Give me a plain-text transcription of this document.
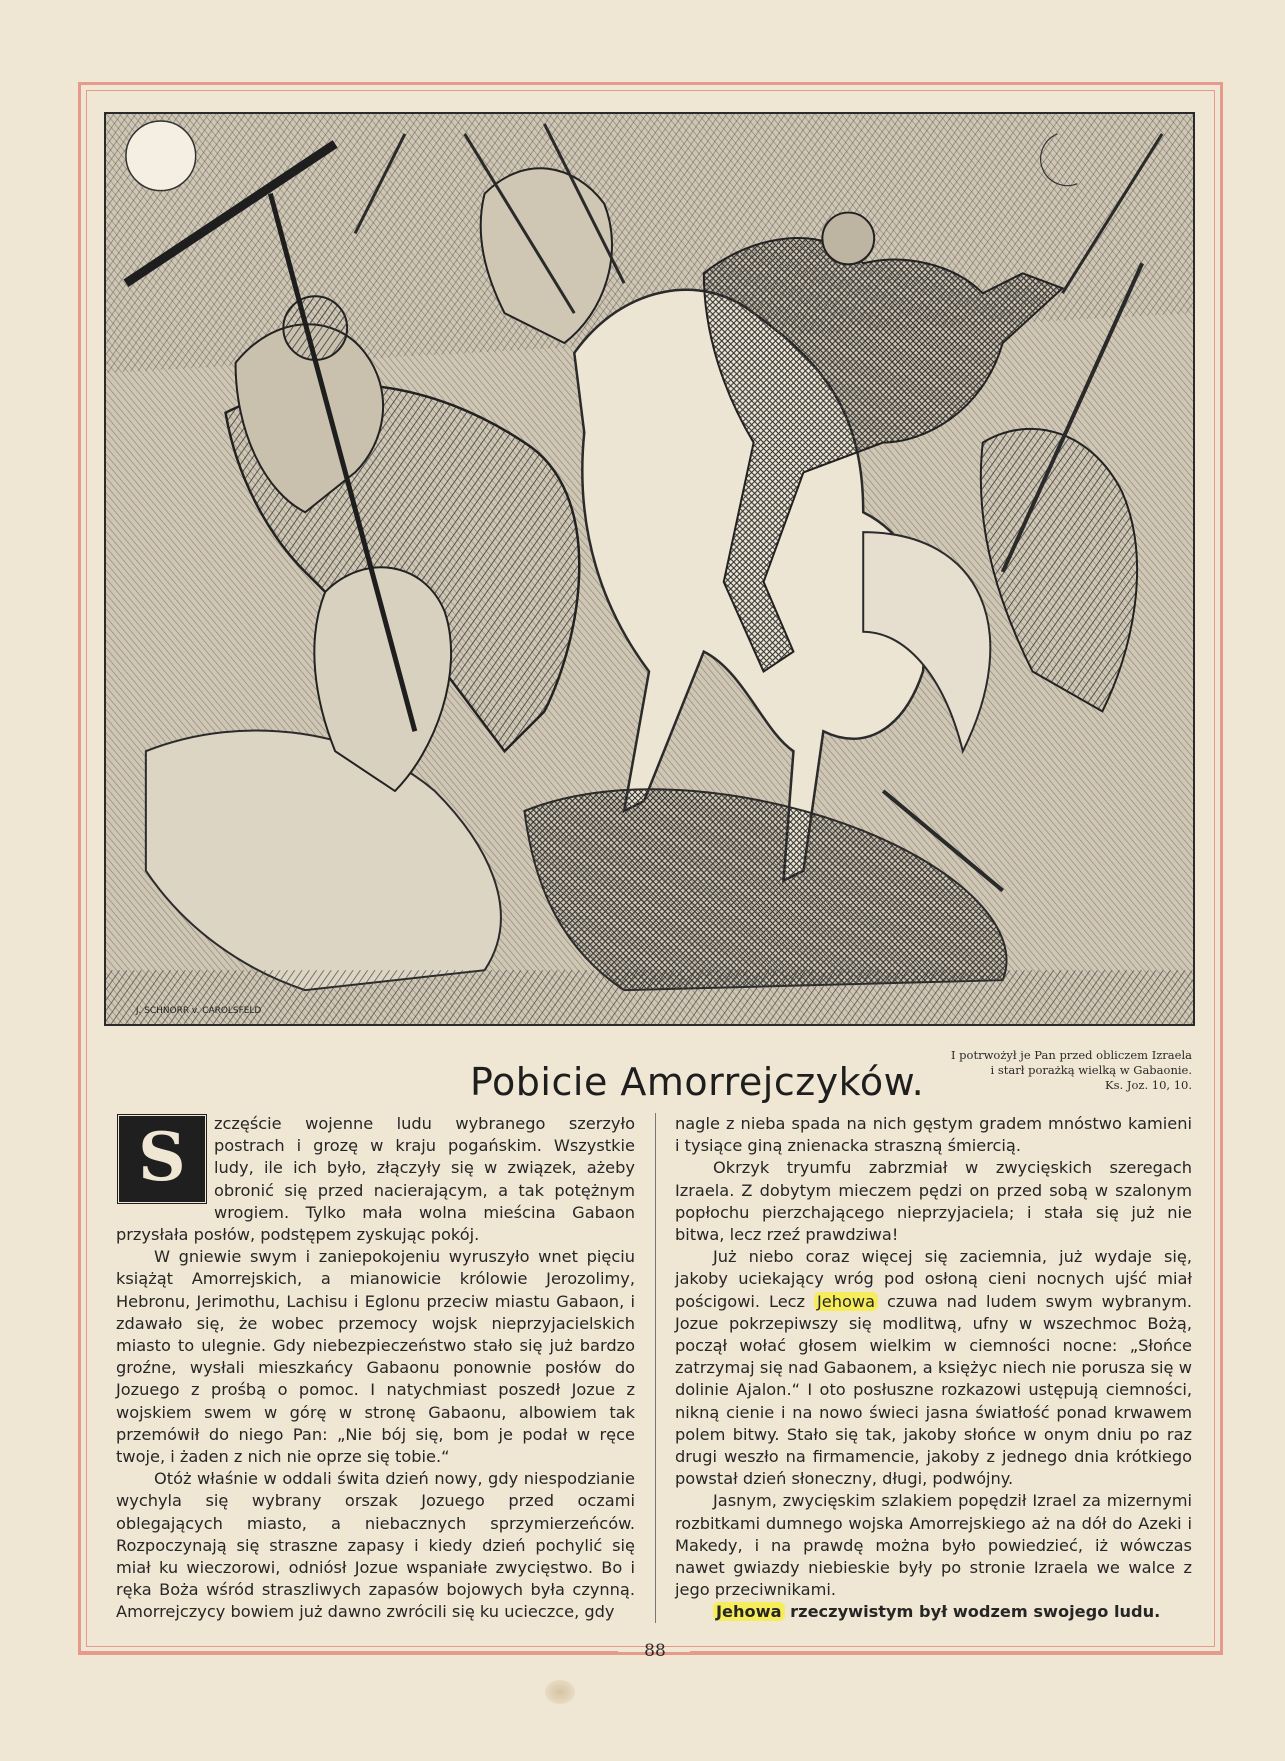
J. SCHNORR v. CAROLSFELD
Pobicie Amorrejczyków.
I potrwożył je Pan przed obliczem Izraela
i starł porażką wielką w Gabaonie.
Ks. Joz. 10, 10.

S	zczęście wojenne ludu wybranego szerzyło postrach i grozę w kraju pogańskim. Wszystkie ludy, ile ich było, złączyły się w związek, ażeby obronić się przed nacierającym, a tak potężnym wrogiem. Tylko mała wolna mieścina Gabaon przysłała posłów, podstępem zyskując pokój.

W gniewie swym i zaniepokojeniu wyruszyło wnet pięciu książąt Amorrejskich, a mianowicie królowie Jerozolimy, Hebronu, Jerimothu, Lachisu i Eglonu przeciw miastu Gabaon, i zdawało się, że wobec przemocy wojsk nieprzyjacielskich miasto to ulegnie. Gdy niebezpieczeństwo stało się już bardzo groźne, wysłali mieszkańcy Gabaonu ponownie posłów do Jozuego z prośbą o pomoc. I natychmiast poszedł Jozue z wojskiem swem w górę w stronę Gabaonu, albowiem tak przemówił do niego Pan: „Nie bój się, bom je podał w ręce twoje, i żaden z nich nie oprze się tobie.“

Otóż właśnie w oddali świta dzień nowy, gdy niespodzianie wychyla się wybrany orszak Jozuego przed oczami oblegających miasto, a niebacznych sprzymierzeńców. Rozpoczynają się straszne zapasy i kiedy dzień pochylić się miał ku wieczorowi, odniósł Jozue wspaniałe zwycięstwo. Bo i ręka Boża wśród straszliwych zapasów bojowych była czynną. Amorrejczycy bowiem już dawno zwrócili się ku ucieczce, gdy

nagle z nieba spada na nich gęstym gradem mnóstwo kamieni i tysiące giną znienacka straszną śmiercią.

Okrzyk tryumfu zabrzmiał w zwycięskich szeregach Izraela. Z dobytym mieczem pędzi on przed sobą w szalonym popłochu pierzchającego nieprzyjaciela; i stała się już nie bitwa, lecz rzeź prawdziwa!

Już niebo coraz więcej się zaciemnia, już wydaje się, jakoby uciekający wróg pod osłoną cieni nocnych ujść miał pościgowi. Lecz Jehowa czuwa nad ludem swym wybranym. Jozue pokrzepiwszy się modlitwą, ufny w wszechmoc Bożą, począł wołać głosem wielkim w ciemności nocne: „Słońce zatrzymaj się nad Gabaonem, a księżyc niech nie porusza się w dolinie Ajalon.“ I oto posłuszne rozkazowi ustępują ciemności, nikną cienie i na nowo świeci jasna światłość ponad krwawem polem bitwy. Stało się tak, jakoby słońce w onym dniu po raz drugi weszło na firmamencie, jakoby z jednego dnia krótkiego powstał dzień słoneczny, długi, podwójny.

Jasnym, zwycięskim szlakiem popędził Izrael za mizernymi rozbitkami dumnego wojska Amorrejskiego aż na dół do Azeki i Makedy, i na prawdę można było powiedzieć, iż wówczas nawet gwiazdy niebieskie były po stronie Izraela we walce z jego przeciwnikami.

Jehowa rzeczywistym był wodzem swojego ludu.

88
